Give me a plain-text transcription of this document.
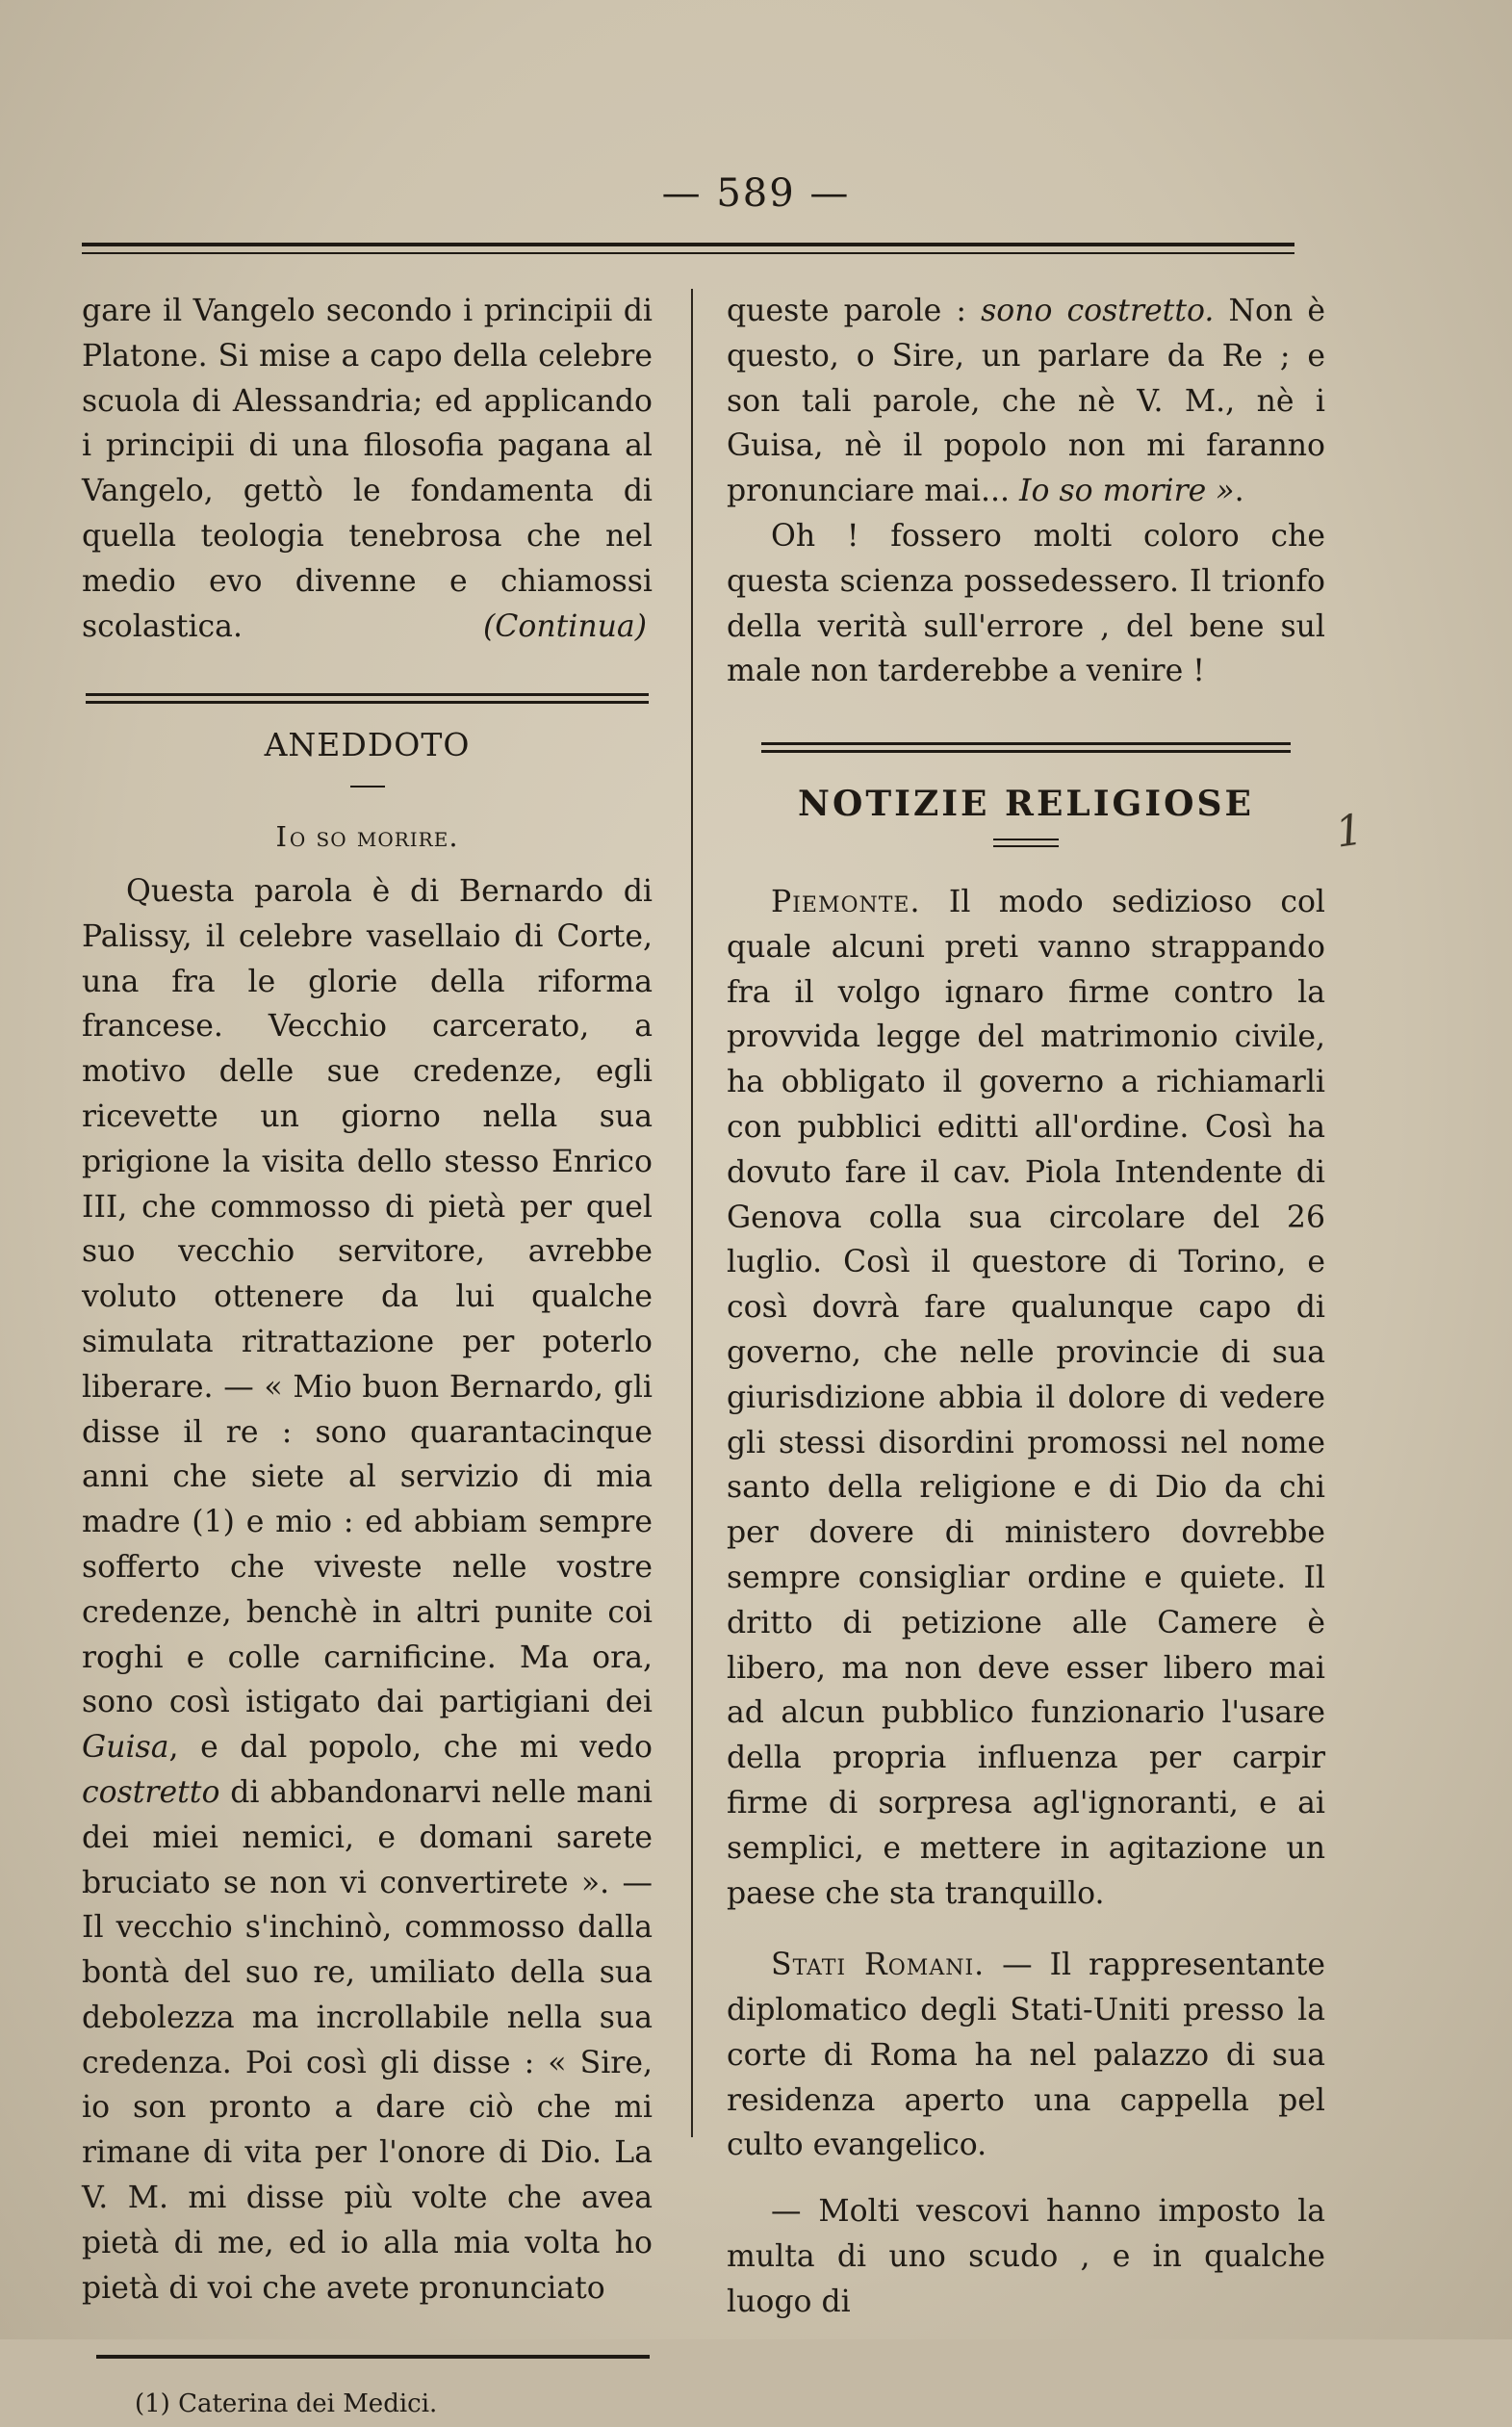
— 589 —

gare il Vangelo secondo i principii di Platone. Si mise a capo della celebre scuola di Alessandria; ed applicando i principii di una filosofia pagana al Vangelo, gettò le fondamenta di quella teologia tenebrosa che nel medio evo divenne e chiamossi scolastica.	(Continua)

ANEDDOTO
Io so morire.

Questa parola è di Bernardo di Palissy, il celebre vasellaio di Corte, una fra le glorie della riforma francese. Vecchio carcerato, a motivo delle sue credenze, egli ricevette un giorno nella sua prigione la visita dello stesso Enrico III, che commosso di pietà per quel suo vecchio servitore, avrebbe voluto ottenere da lui qualche simulata ritrattazione per poterlo liberare. — « Mio buon Bernardo, gli disse il re : sono quarantacinque anni che siete al servizio di mia madre (1) e mio : ed abbiam sempre sofferto che viveste nelle vostre credenze, benchè in altri punite coi roghi e colle carnificine. Ma ora, sono così istigato dai partigiani dei Guisa, e dal popolo, che mi vedo costretto di abbandonarvi nelle mani dei miei nemici, e domani sarete bruciato se non vi convertirete ». — Il vecchio s'inchinò, commosso dalla bontà del suo re, umiliato della sua debolezza ma incrollabile nella sua credenza. Poi così gli disse : « Sire, io son pronto a dare ciò che mi rimane di vita per l'onore di Dio. La V. M. mi disse più volte che avea pietà di me, ed io alla mia volta ho pietà di voi che avete pronunciato

(1) Caterina dei Medici.

queste parole : sono costretto. Non è questo, o Sire, un parlare da Re ; e son tali parole, che nè V. M., nè i Guisa, nè il popolo non mi faranno pronunciare mai... Io so morire ».

Oh ! fossero molti coloro che questa scienza possedessero. Il trionfo della verità sull'errore , del bene sul male non tarderebbe a venire !

NOTIZIE RELIGIOSE

Piemonte. Il modo sedizioso col quale alcuni preti vanno strappando fra il volgo ignaro firme contro la provvida legge del matrimonio civile, ha obbligato il governo a richiamarli con pubblici editti all'ordine. Così ha dovuto fare il cav. Piola Intendente di Genova colla sua circolare del 26 luglio. Così il questore di Torino, e così dovrà fare qualunque capo di governo, che nelle provincie di sua giurisdizione abbia il dolore di vedere gli stessi disordini promossi nel nome santo della religione e di Dio da chi per dovere di ministero dovrebbe sempre consigliar ordine e quiete. Il dritto di petizione alle Camere è libero, ma non deve esser libero mai ad alcun pubblico funzionario l'usare della propria influenza per carpir firme di sorpresa agl'ignoranti, e ai semplici, e mettere in agitazione un paese che sta tranquillo.

Stati Romani. — Il rappresentante diplomatico degli Stati-Uniti presso la corte di Roma ha nel palazzo di sua residenza aperto una cappella pel culto evangelico.

— Molti vescovi hanno imposto la multa di uno scudo , e in qualche luogo di

1
